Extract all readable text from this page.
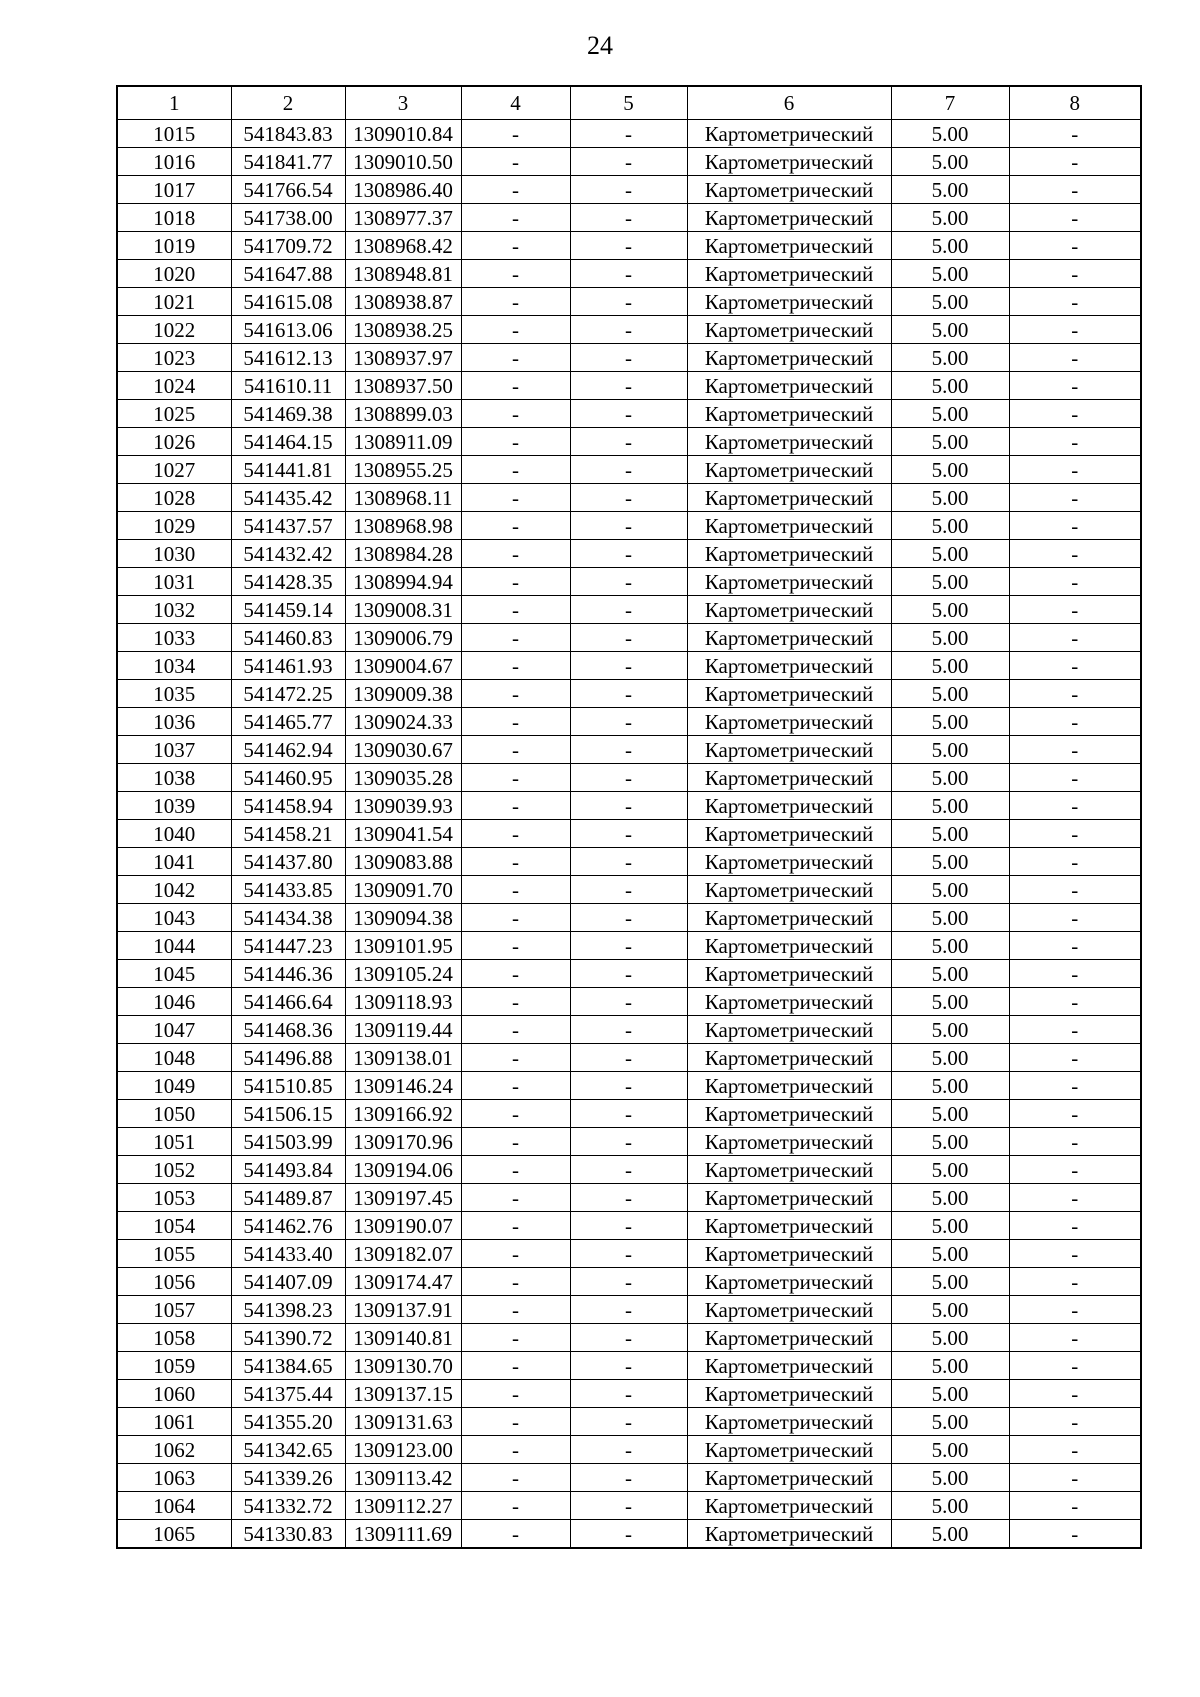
24
1	2	3	4	5	6	7	8
1015	541843.83	1309010.84	-	-	Картометрический	5.00	-
1016	541841.77	1309010.50	-	-	Картометрический	5.00	-
1017	541766.54	1308986.40	-	-	Картометрический	5.00	-
1018	541738.00	1308977.37	-	-	Картометрический	5.00	-
1019	541709.72	1308968.42	-	-	Картометрический	5.00	-
1020	541647.88	1308948.81	-	-	Картометрический	5.00	-
1021	541615.08	1308938.87	-	-	Картометрический	5.00	-
1022	541613.06	1308938.25	-	-	Картометрический	5.00	-
1023	541612.13	1308937.97	-	-	Картометрический	5.00	-
1024	541610.11	1308937.50	-	-	Картометрический	5.00	-
1025	541469.38	1308899.03	-	-	Картометрический	5.00	-
1026	541464.15	1308911.09	-	-	Картометрический	5.00	-
1027	541441.81	1308955.25	-	-	Картометрический	5.00	-
1028	541435.42	1308968.11	-	-	Картометрический	5.00	-
1029	541437.57	1308968.98	-	-	Картометрический	5.00	-
1030	541432.42	1308984.28	-	-	Картометрический	5.00	-
1031	541428.35	1308994.94	-	-	Картометрический	5.00	-
1032	541459.14	1309008.31	-	-	Картометрический	5.00	-
1033	541460.83	1309006.79	-	-	Картометрический	5.00	-
1034	541461.93	1309004.67	-	-	Картометрический	5.00	-
1035	541472.25	1309009.38	-	-	Картометрический	5.00	-
1036	541465.77	1309024.33	-	-	Картометрический	5.00	-
1037	541462.94	1309030.67	-	-	Картометрический	5.00	-
1038	541460.95	1309035.28	-	-	Картометрический	5.00	-
1039	541458.94	1309039.93	-	-	Картометрический	5.00	-
1040	541458.21	1309041.54	-	-	Картометрический	5.00	-
1041	541437.80	1309083.88	-	-	Картометрический	5.00	-
1042	541433.85	1309091.70	-	-	Картометрический	5.00	-
1043	541434.38	1309094.38	-	-	Картометрический	5.00	-
1044	541447.23	1309101.95	-	-	Картометрический	5.00	-
1045	541446.36	1309105.24	-	-	Картометрический	5.00	-
1046	541466.64	1309118.93	-	-	Картометрический	5.00	-
1047	541468.36	1309119.44	-	-	Картометрический	5.00	-
1048	541496.88	1309138.01	-	-	Картометрический	5.00	-
1049	541510.85	1309146.24	-	-	Картометрический	5.00	-
1050	541506.15	1309166.92	-	-	Картометрический	5.00	-
1051	541503.99	1309170.96	-	-	Картометрический	5.00	-
1052	541493.84	1309194.06	-	-	Картометрический	5.00	-
1053	541489.87	1309197.45	-	-	Картометрический	5.00	-
1054	541462.76	1309190.07	-	-	Картометрический	5.00	-
1055	541433.40	1309182.07	-	-	Картометрический	5.00	-
1056	541407.09	1309174.47	-	-	Картометрический	5.00	-
1057	541398.23	1309137.91	-	-	Картометрический	5.00	-
1058	541390.72	1309140.81	-	-	Картометрический	5.00	-
1059	541384.65	1309130.70	-	-	Картометрический	5.00	-
1060	541375.44	1309137.15	-	-	Картометрический	5.00	-
1061	541355.20	1309131.63	-	-	Картометрический	5.00	-
1062	541342.65	1309123.00	-	-	Картометрический	5.00	-
1063	541339.26	1309113.42	-	-	Картометрический	5.00	-
1064	541332.72	1309112.27	-	-	Картометрический	5.00	-
1065	541330.83	1309111.69	-	-	Картометрический	5.00	-
